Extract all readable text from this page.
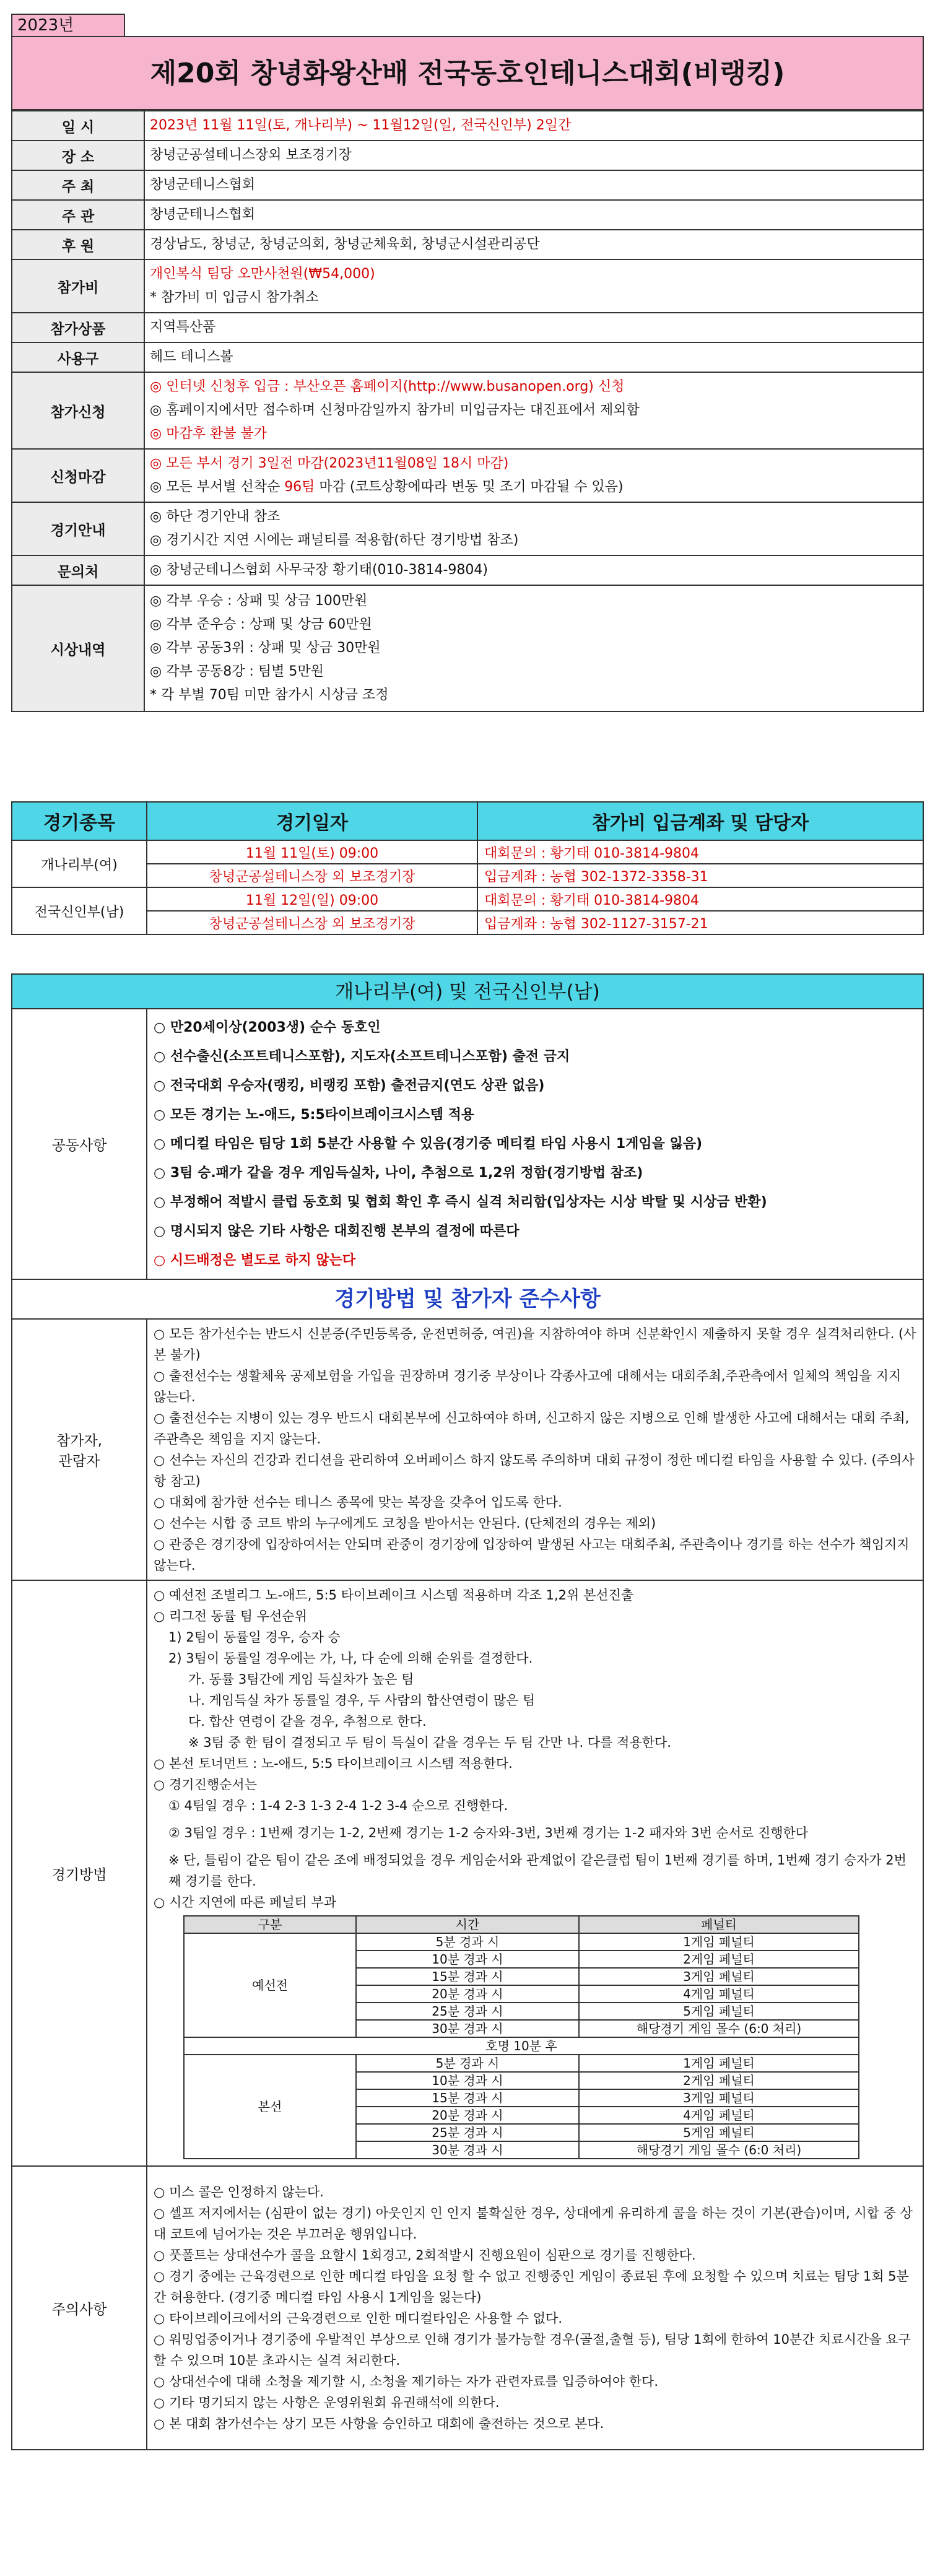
2023년
제20회 창녕화왕산배 전국동호인테니스대회(비랭킹)
일 시	2023년 11월 11일(토, 개나리부) ~ 11월12일(일, 전국신인부) 2일간

장 소	창녕군공설테니스장외 보조경기장

주 최	창녕군테니스협회

주 관	창녕군테니스협회

후 원	경상남도, 창녕군, 창녕군의회, 창녕군체육회, 창녕군시설관리공단

참가비	개인복식 팀당 오만사천원(₩54,000)
* 참가비 미 입금시 참가취소

참가상품	지역특산품

사용구	헤드 테니스볼

참가신청	◎ 인터넷 신청후 입금 : 부산오픈 홈페이지(http://www.busanopen.org) 신청
◎ 홈페이지에서만 접수하며 신청마감일까지 참가비 미입금자는 대진표에서 제외함
◎ 마감후 환불 불가

신청마감	◎ 모든 부서 경기 3일전 마감(2023년11월08일 18시 마감)
◎ 모든 부서별 선착순 96팀 마감 (코트상황에따라 변동 및 조기 마감될 수 있음)

경기안내	◎ 하단 경기안내 참조
◎ 경기시간 지연 시에는 패널티를 적용함(하단 경기방법 참조)

문의처	◎ 창녕군테니스협회 사무국장 황기태(010-3814-9804)

시상내역	◎ 각부 우승 : 상패 및 상금 100만원
◎ 각부 준우승 : 상패 및 상금 60만원
◎ 각부 공동3위 : 상패 및 상금 30만원
◎ 각부 공동8강 : 팀별 5만원
* 각 부별 70팀 미만 참가시 시상금 조정
경기종목	경기일자	참가비 입금계좌 및 담당자
개나리부(여)	11월 11일(토) 09:00	대회문의 : 황기태 010-3814-9804
	창녕군공설테니스장 외 보조경기장	입금계좌 : 농협 302-1372-3358-31
전국신인부(남)	11월 12일(일) 09:00	대회문의 : 황기태 010-3814-9804
	창녕군공설테니스장 외 보조경기장	입금계좌 : 농협 302-1127-3157-21
개나리부(여) 및 전국신인부(남)
공동사항	
○ 만20세이상(2003생) 순수 동호인
○ 선수출신(소프트테니스포함), 지도자(소프트테니스포함) 출전 금지
○ 전국대회 우승자(랭킹, 비랭킹 포함) 출전금지(연도 상관 없음)
○ 모든 경기는 노-애드, 5:5타이브레이크시스템 적용
○ 메디컬 타임은 팀당 1회 5분간 사용할 수 있음(경기중 메티컬 타임 사용시 1게임을 잃음)
○ 3팀 승.패가 같을 경우 게임득실차, 나이, 추첨으로 1,2위 정함(경기방법 참조)
○ 부정해어 적발시 클럽 동호회 및 협회 확인 후 즉시 실격 처리함(입상자는 시상 박탈 및 시상금 반환)
○ 명시되지 않은 기타 사항은 대회진행 본부의 결정에 따른다
○ 시드배정은 별도로 하지 않는다
경기방법 및 참가자 준수사항
참가자,
관람자	
○ 모든 참가선수는 반드시 신분증(주민등록증, 운전면허증, 여권)을 지참하여야 하며 신분확인시 제출하지 못할 경우 실격처리한다. (사본 불가)
○ 출전선수는 생활체육 공제보험을 가입을 권장하며 경기중 부상이나 각종사고에 대해서는 대회주최,주관측에서 일체의 책임을 지지 않는다.
○ 출전선수는 지병이 있는 경우 반드시 대회본부에 신고하여야 하며, 신고하지 않은 지병으로 인해 발생한 사고에 대해서는 대회 주최,주관측은 책임을 지지 않는다.
○ 선수는 자신의 건강과 컨디션을 관리하여 오버페이스 하지 않도록 주의하며 대회 규정이 정한 메디컬 타임을 사용할 수 있다. (주의사항 참고)
○ 대회에 참가한 선수는 테니스 종목에 맞는 복장을 갖추어 입도록 한다.
○ 선수는 시합 중 코트 밖의 누구에게도 코칭을 받아서는 안된다. (단체전의 경우는 제외)
○ 관중은 경기장에 입장하여서는 안되며 관중이 경기장에 입장하여 발생된 사고는 대회주최, 주관측이나 경기를 하는 선수가 책임지지 않는다.

경기방법	
○ 예선전 조별리그 노-애드, 5:5 타이브레이크 시스템 적용하며 각조 1,2위 본선진출
○ 리그전 동률 팀 우선순위
1) 2팀이 동률일 경우, 승자 승
2) 3팀이 동률일 경우에는 가, 나, 다 순에 의해 순위를 결정한다.
가. 동률 3팀간에 게임 득실차가 높은 팀
나. 게임득실 차가 동률일 경우, 두 사람의 합산연령이 많은 팀
다. 합산 연령이 같을 경우, 추첨으로 한다.
※ 3팀 중 한 팀이 결정되고 두 팀이 득실이 같을 경우는 두 팀 간만 나. 다를 적용한다.
○ 본선 토너먼트 : 노-애드, 5:5 타이브레이크 시스템 적용한다.
○ 경기진행순서는
① 4팀일 경우 : 1-4 2-3 1-3 2-4 1-2 3-4 순으로 진행한다.
② 3팀일 경우 : 1번째 경기는 1-2, 2번째 경기는 1-2 승자와-3번, 3번째 경기는 1-2 패자와 3번 순서로 진행한다
※ 단, 틀림이 같은 팀이 같은 조에 배정되었을 경우 게임순서와 관계없이 같은클럽 팀이 1번째 경기를 하며, 1번째 경기 승자가 2번째 경기를 한다.
○ 시간 지연에 따른 페널티 부과
구분	시간	페널티
예선전	5분 경과 시	1게임 페널티
10분 경과 시	2게임 페널티
15분 경과 시	3게임 페널티
20분 경과 시	4게임 페널티
25분 경과 시	5게임 페널티
30분 경과 시	해당경기 게임 몰수 (6:0 처리)
호명 10분 후
본선	5분 경과 시	1게임 페널티
10분 경과 시	2게임 페널티
15분 경과 시	3게임 페널티
20분 경과 시	4게임 페널티
25분 경과 시	5게임 페널티
30분 경과 시	해당경기 게임 몰수 (6:0 처리)

주의사항	
○ 미스 콜은 인정하지 않는다.
○ 셀프 저지에서는 (심판이 없는 경기) 아웃인지 인 인지 불확실한 경우, 상대에게 유리하게 콜을 하는 것이 기본(관습)이며, 시합 중 상대 코트에 넘어가는 것은 부끄러운 행위입니다.
○ 풋폴트는 상대선수가 콜을 요할시 1회경고, 2회적발시 진행요원이 심판으로 경기를 진행한다.
○ 경기 중에는 근육경련으로 인한 메디컬 타임을 요청 할 수 없고 진행중인 게임이 종료된 후에 요청할 수 있으며 치료는 팀당 1회 5분간 허용한다. (경기중 메디컬 타임 사용시 1게임을 잃는다)
○ 타이브레이크에서의 근육경련으로 인한 메디컬타임은 사용할 수 없다.
○ 워밍업중이거나 경기중에 우발적인 부상으로 인해 경기가 불가능할 경우(골절,출혈 등), 팀당 1회에 한하여 10분간 치료시간을 요구할 수 있으며 10분 초과시는 실격 처리한다.
○ 상대선수에 대해 소청을 제기할 시, 소청을 제기하는 자가 관련자료를 입증하여야 한다.
○ 기타 명기되지 않는 사항은 운영위원회 유권해석에 의한다.
○ 본 대회 참가선수는 상기 모든 사항을 승인하고 대회에 출전하는 것으로 본다.
